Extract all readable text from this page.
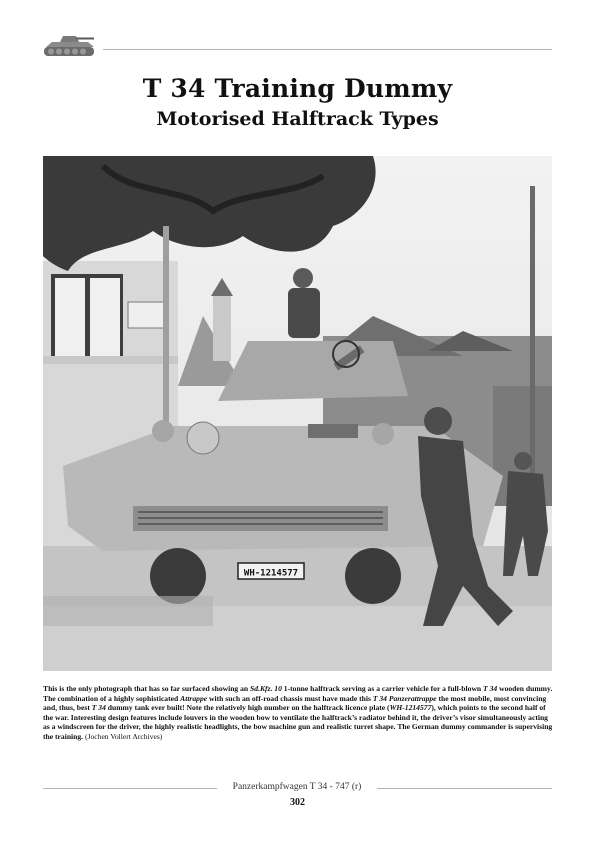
T 34 Training Dummy
Motorised Halftrack Types
WH-1214577

This is the only photograph that has so far surfaced showing an Sd.Kfz. 10 1-tonne halftrack serving as a carrier vehicle for a full-blown T 34 wooden dummy. The combination of a highly sophisticated Attrappe with such an off-road chassis must have made this T 34 Panzerattrappe the most mobile, most convincing and, thus, best T 34 dummy tank ever built! Note the relatively high number on the halftrack licence plate (WH-1214577), which points to the second half of the war. Interesting design features include louvers in the wooden bow to ventilate the halftrack’s radiator behind it, the driver’s visor simultaneously acting as a windscreen for the driver, the highly realistic headlights, the bow machine gun and realistic turret shape. The German dummy commander is supervising the training. (Jochen Vollert Archives)

Panzerkampfwagen T 34 - 747 (r)
302
